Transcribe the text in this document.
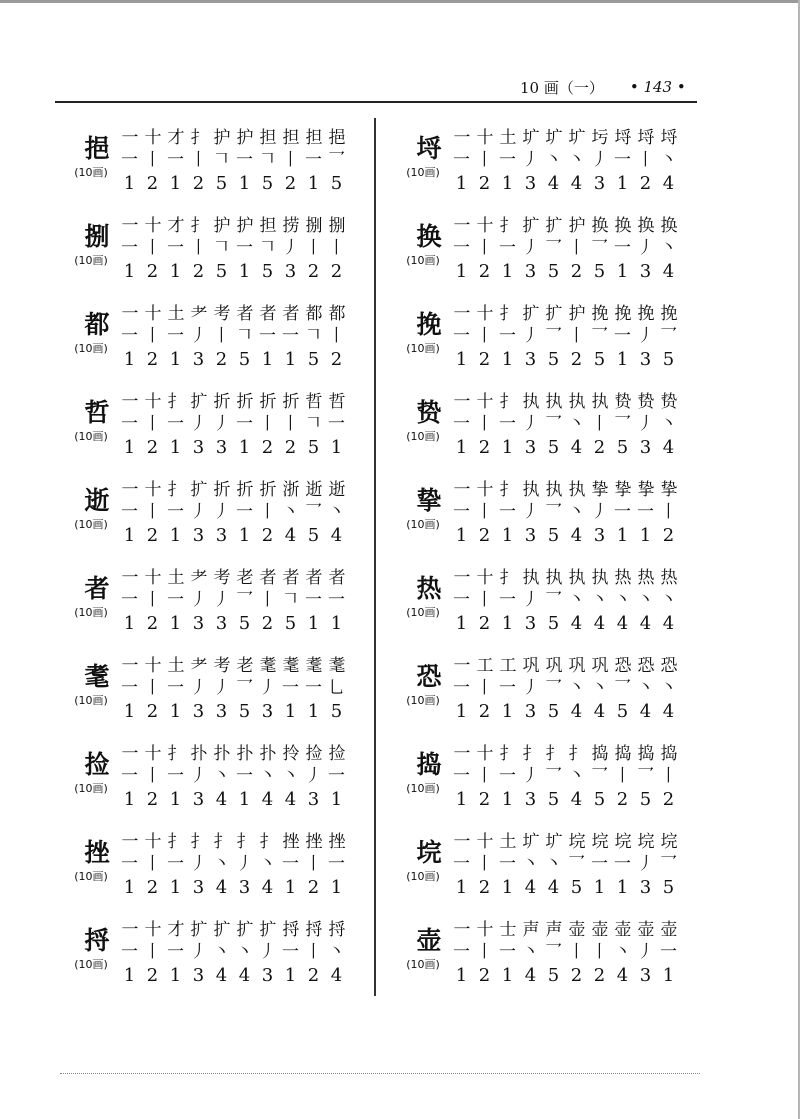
10 画（一） • 143 •
挹
(10画)
一 十 才 扌 护 护 担 担 担 挹
一 丨 一 丨 𠃍 一 𠃍 丨 一 乛
1 2 1 2 5 1 5 2 1 5
捌
(10画)
一 十 才 扌 护 护 担 捞 捌 捌
一 丨 一 丨 𠃍 一 𠃍 丿 丨 丨
1 2 1 2 5 1 5 3 2 2
都
(10画)
一 十 土 耂 考 者 者 者 都 都
一 丨 一 丿 丨 𠃍 一 一 𠃍 丨
1 2 1 3 2 5 1 1 5 2
哲
(10画)
一 十 扌 扩 折 折 折 折 哲 哲
一 丨 一 丿 丿 一 丨 丨 𠃍 一
1 2 1 3 3 1 2 2 5 1
逝
(10画)
一 十 扌 扩 折 折 折 浙 逝 逝
一 丨 一 丿 丿 一 丨 丶 乛 丶
1 2 1 3 3 1 2 4 5 4
者
(10画)
一 十 土 耂 考 老 者 者 者 者
一 丨 一 丿 丿 乛 丨 𠃍 一 一
1 2 1 3 3 5 2 5 1 1
耄
(10画)
一 十 土 耂 考 老 耄 耄 耄 耄
一 丨 一 丿 丿 乛 丿 一 一 乚
1 2 1 3 3 5 3 1 1 5
捡
(10画)
一 十 扌 扑 扑 扑 扑 拎 捡 捡
一 丨 一 丿 丶 一 丶 丶 丿 一
1 2 1 3 4 1 4 4 3 1
挫
(10画)
一 十 扌 扌 扌 扌 扌 挫 挫 挫
一 丨 一 丿 丶 丿 丶 一 丨 一
1 2 1 3 4 3 4 1 2 1
捋
(10画)
一 十 才 扩 扩 扩 扩 捋 捋 捋
一 丨 一 丿 丶 丶 丿 一 丨 丶
1 2 1 3 4 4 3 1 2 4
埒
(10画)
一 十 土 圹 圹 圹 圬 埒 埒 埒
一 丨 一 丿 丶 丶 丿 一 丨 丶
1 2 1 3 4 4 3 1 2 4
换
(10画)
一 十 扌 扩 扩 护 换 换 换 换
一 丨 一 丿 乛 丨 乛 一 丿 丶
1 2 1 3 5 2 5 1 3 4
挽
(10画)
一 十 扌 扩 扩 护 挽 挽 挽 挽
一 丨 一 丿 乛 丨 乛 一 丿 乛
1 2 1 3 5 2 5 1 3 5
贽
(10画)
一 十 扌 执 执 执 执 贽 贽 贽
一 丨 一 丿 乛 丶 丨 乛 丿 丶
1 2 1 3 5 4 2 5 3 4
挚
(10画)
一 十 扌 执 执 执 挚 挚 挚 挚
一 丨 一 丿 乛 丶 丿 一 一 丨
1 2 1 3 5 4 3 1 1 2
热
(10画)
一 十 扌 执 执 执 执 热 热 热
一 丨 一 丿 乛 丶 丶 丶 丶 丶
1 2 1 3 5 4 4 4 4 4
恐
(10画)
一 工 工 巩 巩 巩 巩 恐 恐 恐
一 丨 一 丿 乛 丶 丶 乛 丶 丶
1 2 1 3 5 4 4 5 4 4
捣
(10画)
一 十 扌 扌 扌 扌 捣 捣 捣 捣
一 丨 一 丿 乛 丶 乛 丨 乛 丨
1 2 1 3 5 4 5 2 5 2
垸
(10画)
一 十 土 圹 圹 垸 垸 垸 垸 垸
一 丨 一 丶 丶 乛 一 一 丿 乛
1 2 1 4 4 5 1 1 3 5
壶
(10画)
一 十 士 声 声 壶 壶 壶 壶 壶
一 丨 一 丶 乛 丨 丨 丶 丿 一
1 2 1 4 5 2 2 4 3 1
